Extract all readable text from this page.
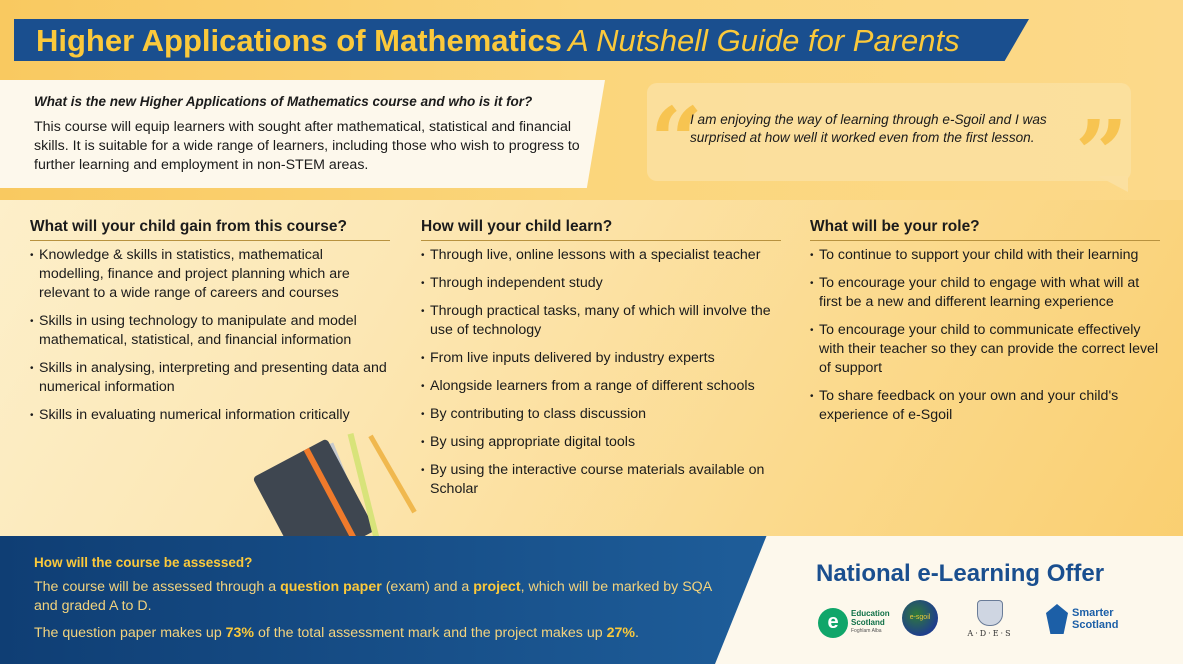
Higher Applications of Mathematics A Nutshell Guide for Parents
What is the new Higher Applications of Mathematics course and who is it for?

This course will equip learners with sought after mathematical, statistical and financial skills. It is suitable for a wide range of learners, including those who wish to progress to further learning and employment in non-STEM areas.	“	”

I am enjoying the way of learning through e-Sgoil and I was surprised at how well it worked even from the first lesson.

What will your child gain from this course?
• Knowledge & skills in statistics, mathematical modelling, finance and project planning which are relevant to a wide range of careers and courses
• Skills in using technology to manipulate and model mathematical, statistical, and financial information
• Skills in analysing, interpreting and presenting data and numerical information
• Skills in evaluating numerical information critically
How will your child learn?
• Through live, online lessons with a specialist teacher
• Through independent study
• Through practical tasks, many of which will involve the use of technology
• From live inputs delivered by industry experts
• Alongside learners from a range of different schools
• By contributing to class discussion
• By using appropriate digital tools
• By using the interactive course materials available on Scholar
What will be your role?
• To continue to support your child with their learning
• To encourage your child to engage with what will at first be a new and different learning experience
• To encourage your child to communicate effectively with their teacher so they can provide the correct level of support
• To share feedback on your own and your child's experience of e-Sgoil
How will the course be assessed?

The course will be assessed through a question paper (exam) and a project, which will be marked by SQA and graded A to D.

The question paper makes up 73% of the total assessment mark and the project makes up 27%.

National e-Learning Offer
e	Education
Scotland
Foghlam Alba
e-sgoil
A·D·E·S
Smarter
Scotland
